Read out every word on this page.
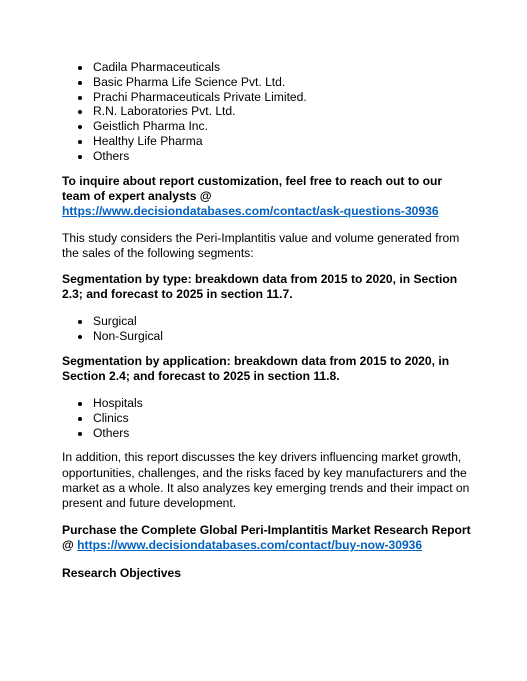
Cadila Pharmaceuticals
Basic Pharma Life Science Pvt. Ltd.
Prachi Pharmaceuticals Private Limited.
R.N. Laboratories Pvt. Ltd.
Geistlich Pharma Inc.
Healthy Life Pharma
Others

To inquire about report customization, feel free to reach out to our team of expert analysts @ https://www.decisiondatabases.com/contact/ask-questions-30936

This study considers the Peri-Implantitis value and volume generated from the sales of the following segments:

Segmentation by type: breakdown data from 2015 to 2020, in Section 2.3; and forecast to 2025 in section 11.7.

Surgical
Non-Surgical

Segmentation by application: breakdown data from 2015 to 2020, in Section 2.4; and forecast to 2025 in section 11.8.

Hospitals
Clinics
Others

In addition, this report discusses the key drivers influencing market growth, opportunities, challenges, and the risks faced by key manufacturers and the market as a whole. It also analyzes key emerging trends and their impact on present and future development.

Purchase the Complete Global Peri-Implantitis Market Research Report @ https://www.decisiondatabases.com/contact/buy-now-30936

Research Objectives
